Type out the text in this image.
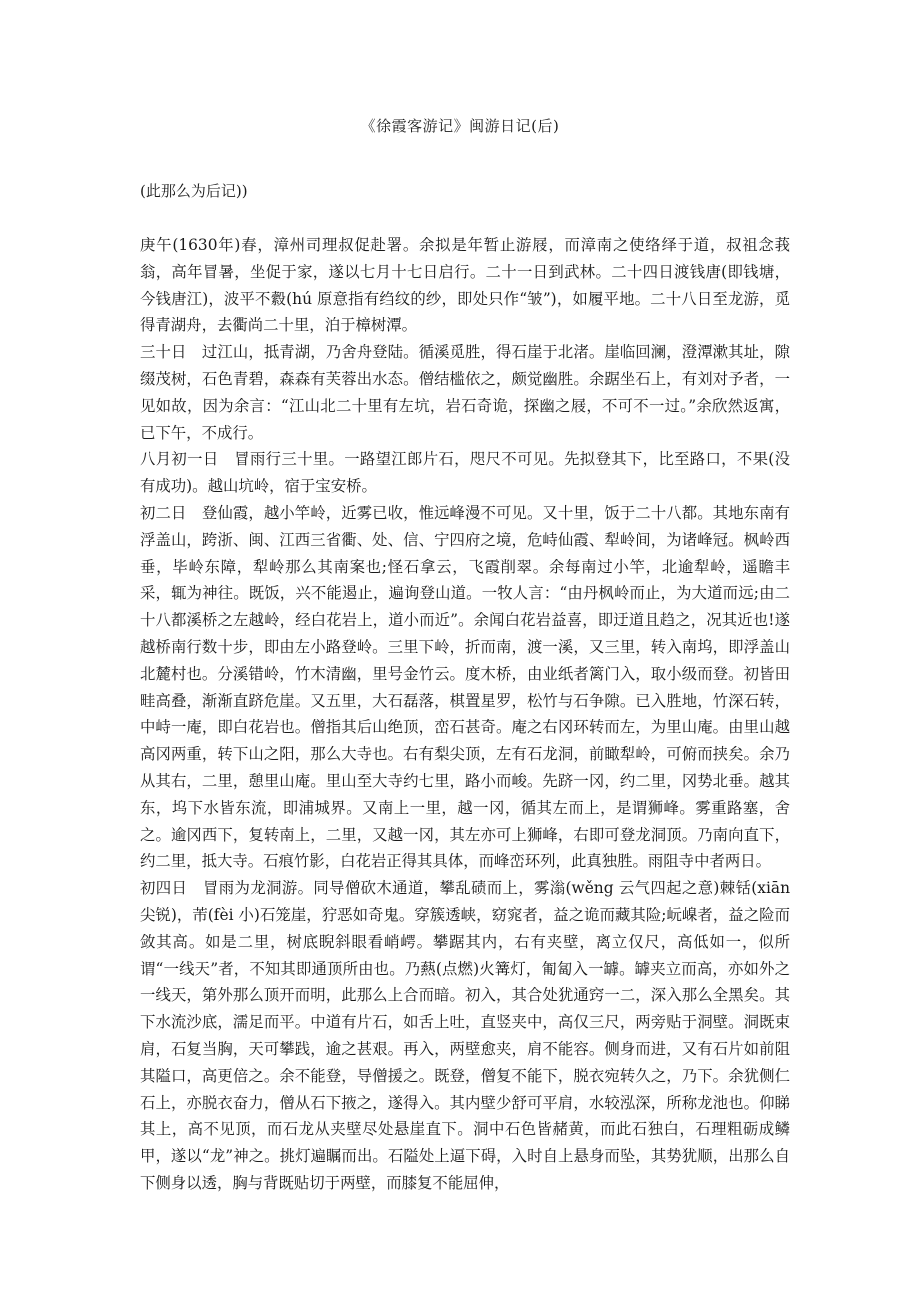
《徐霞客游记》闽游日记(后)
(此那么为后记))

庚午(1630年)春，漳州司理叔促赴署。余拟是年暂止游屐，而漳南之使络绎于道，叔祖念莪翁，高年冒暑，坐促于家，遂以七月十七日启行。二十一日到武林。二十四日渡钱唐(即钱塘，今钱唐江)，波平不縠(hú 原意指有绉纹的纱，即处只作“皱”)，如履平地。二十八日至龙游，觅得青湖舟，去衢尚二十里，泊于樟树潭。

三十日　过江山，抵青湖，乃舍舟登陆。循溪觅胜，得石崖于北渚。崖临回澜，澄潭漱其址，隙缀茂树，石色青碧，森森有芙蓉出水态。僧结槛依之，颇觉幽胜。余踞坐石上，有刘对予者，一见如故，因为余言：“江山北二十里有左坑，岩石奇诡，探幽之屐，不可不一过。”余欣然返寓，已下午，不成行。

八月初一日　冒雨行三十里。一路望江郎片石，咫尺不可见。先拟登其下，比至路口，不果(没有成功)。越山坑岭，宿于宝安桥。

初二日　登仙霞，越小竿岭，近雾已收，惟远峰漫不可见。又十里，饭于二十八都。其地东南有浮盖山，跨浙、闽、江西三省衢、处、信、宁四府之境，危峙仙霞、犁岭间，为诸峰冠。枫岭西垂，毕岭东障，犁岭那么其南案也;怪石拿云，飞霞削翠。余每南过小竿，北逾犁岭，遥瞻丰采，辄为神往。既饭，兴不能遏止，遍询登山道。一牧人言：“由丹枫岭而止，为大道而远;由二十八都溪桥之左越岭，经白花岩上，道小而近”。余闻白花岩益喜，即迂道且趋之，况其近也!遂越桥南行数十步，即由左小路登岭。三里下岭，折而南，渡一溪，又三里，转入南坞，即浮盖山北麓村也。分溪错岭，竹木清幽，里号金竹云。度木桥，由业纸者篱门入，取小级而登。初皆田畦高叠，渐渐直跻危崖。又五里，大石磊落，棋置星罗，松竹与石争隙。已入胜地，竹深石转，中峙一庵，即白花岩也。僧指其后山绝顶，峦石甚奇。庵之右冈环转而左，为里山庵。由里山越高冈两重，转下山之阳，那么大寺也。右有梨尖顶，左有石龙洞，前瞰犁岭，可俯而挟矣。余乃从其右，二里，憩里山庵。里山至大寺约七里，路小而峻。先跻一冈，约二里，冈势北垂。越其东，坞下水皆东流，即浦城界。又南上一里，越一冈，循其左而上，是谓狮峰。雾重路塞，舍之。逾冈西下，复转南上，二里，又越一冈，其左亦可上狮峰，右即可登龙洞顶。乃南向直下，约二里，抵大寺。石痕竹影，白花岩正得其具体，而峰峦环列，此真独胜。雨阻寺中者两日。

初四日　冒雨为龙洞游。同导僧砍木通道，攀乱碛而上，雾滃(wěng 云气四起之意)棘铦(xiān 尖锐)，芾(fèi 小)石笼崖，狞恶如奇鬼。穿簇透峡，窈窕者，益之诡而藏其险;岏嵲者，益之险而敛其高。如是二里，树底睨斜眼看峭崿。攀踞其内，右有夹壁，离立仅尺，高低如一，似所谓“一线天”者，不知其即通顶所由也。乃爇(点燃)火篝灯，匍匐入一罅。罅夹立而高，亦如外之一线天，第外那么顶开而明，此那么上合而暗。初入，其合处犹通窍一二，深入那么全黑矣。其下水流沙底，濡足而平。中道有片石，如舌上吐，直竖夹中，高仅三尺，两旁贴于洞壁。洞既束肩，石复当胸，天可攀践，逾之甚艰。再入，两壁愈夹，肩不能容。侧身而进，又有石片如前阻其隘口，高更倍之。余不能登，导僧援之。既登，僧复不能下，脱衣宛转久之，乃下。余犹侧仁石上，亦脱衣奋力，僧从石下掖之，遂得入。其内壁少舒可平肩，水较泓深，所称龙池也。仰睇其上，高不见顶，而石龙从夹壁尽处悬崖直下。洞中石色皆赭黄，而此石独白，石理粗砺成鳞甲，遂以“龙”神之。挑灯遍瞩而出。石隘处上逼下碍，入时自上悬身而坠，其势犹顺，出那么自下侧身以透，胸与背既贴切于两壁，而膝复不能屈伸，
